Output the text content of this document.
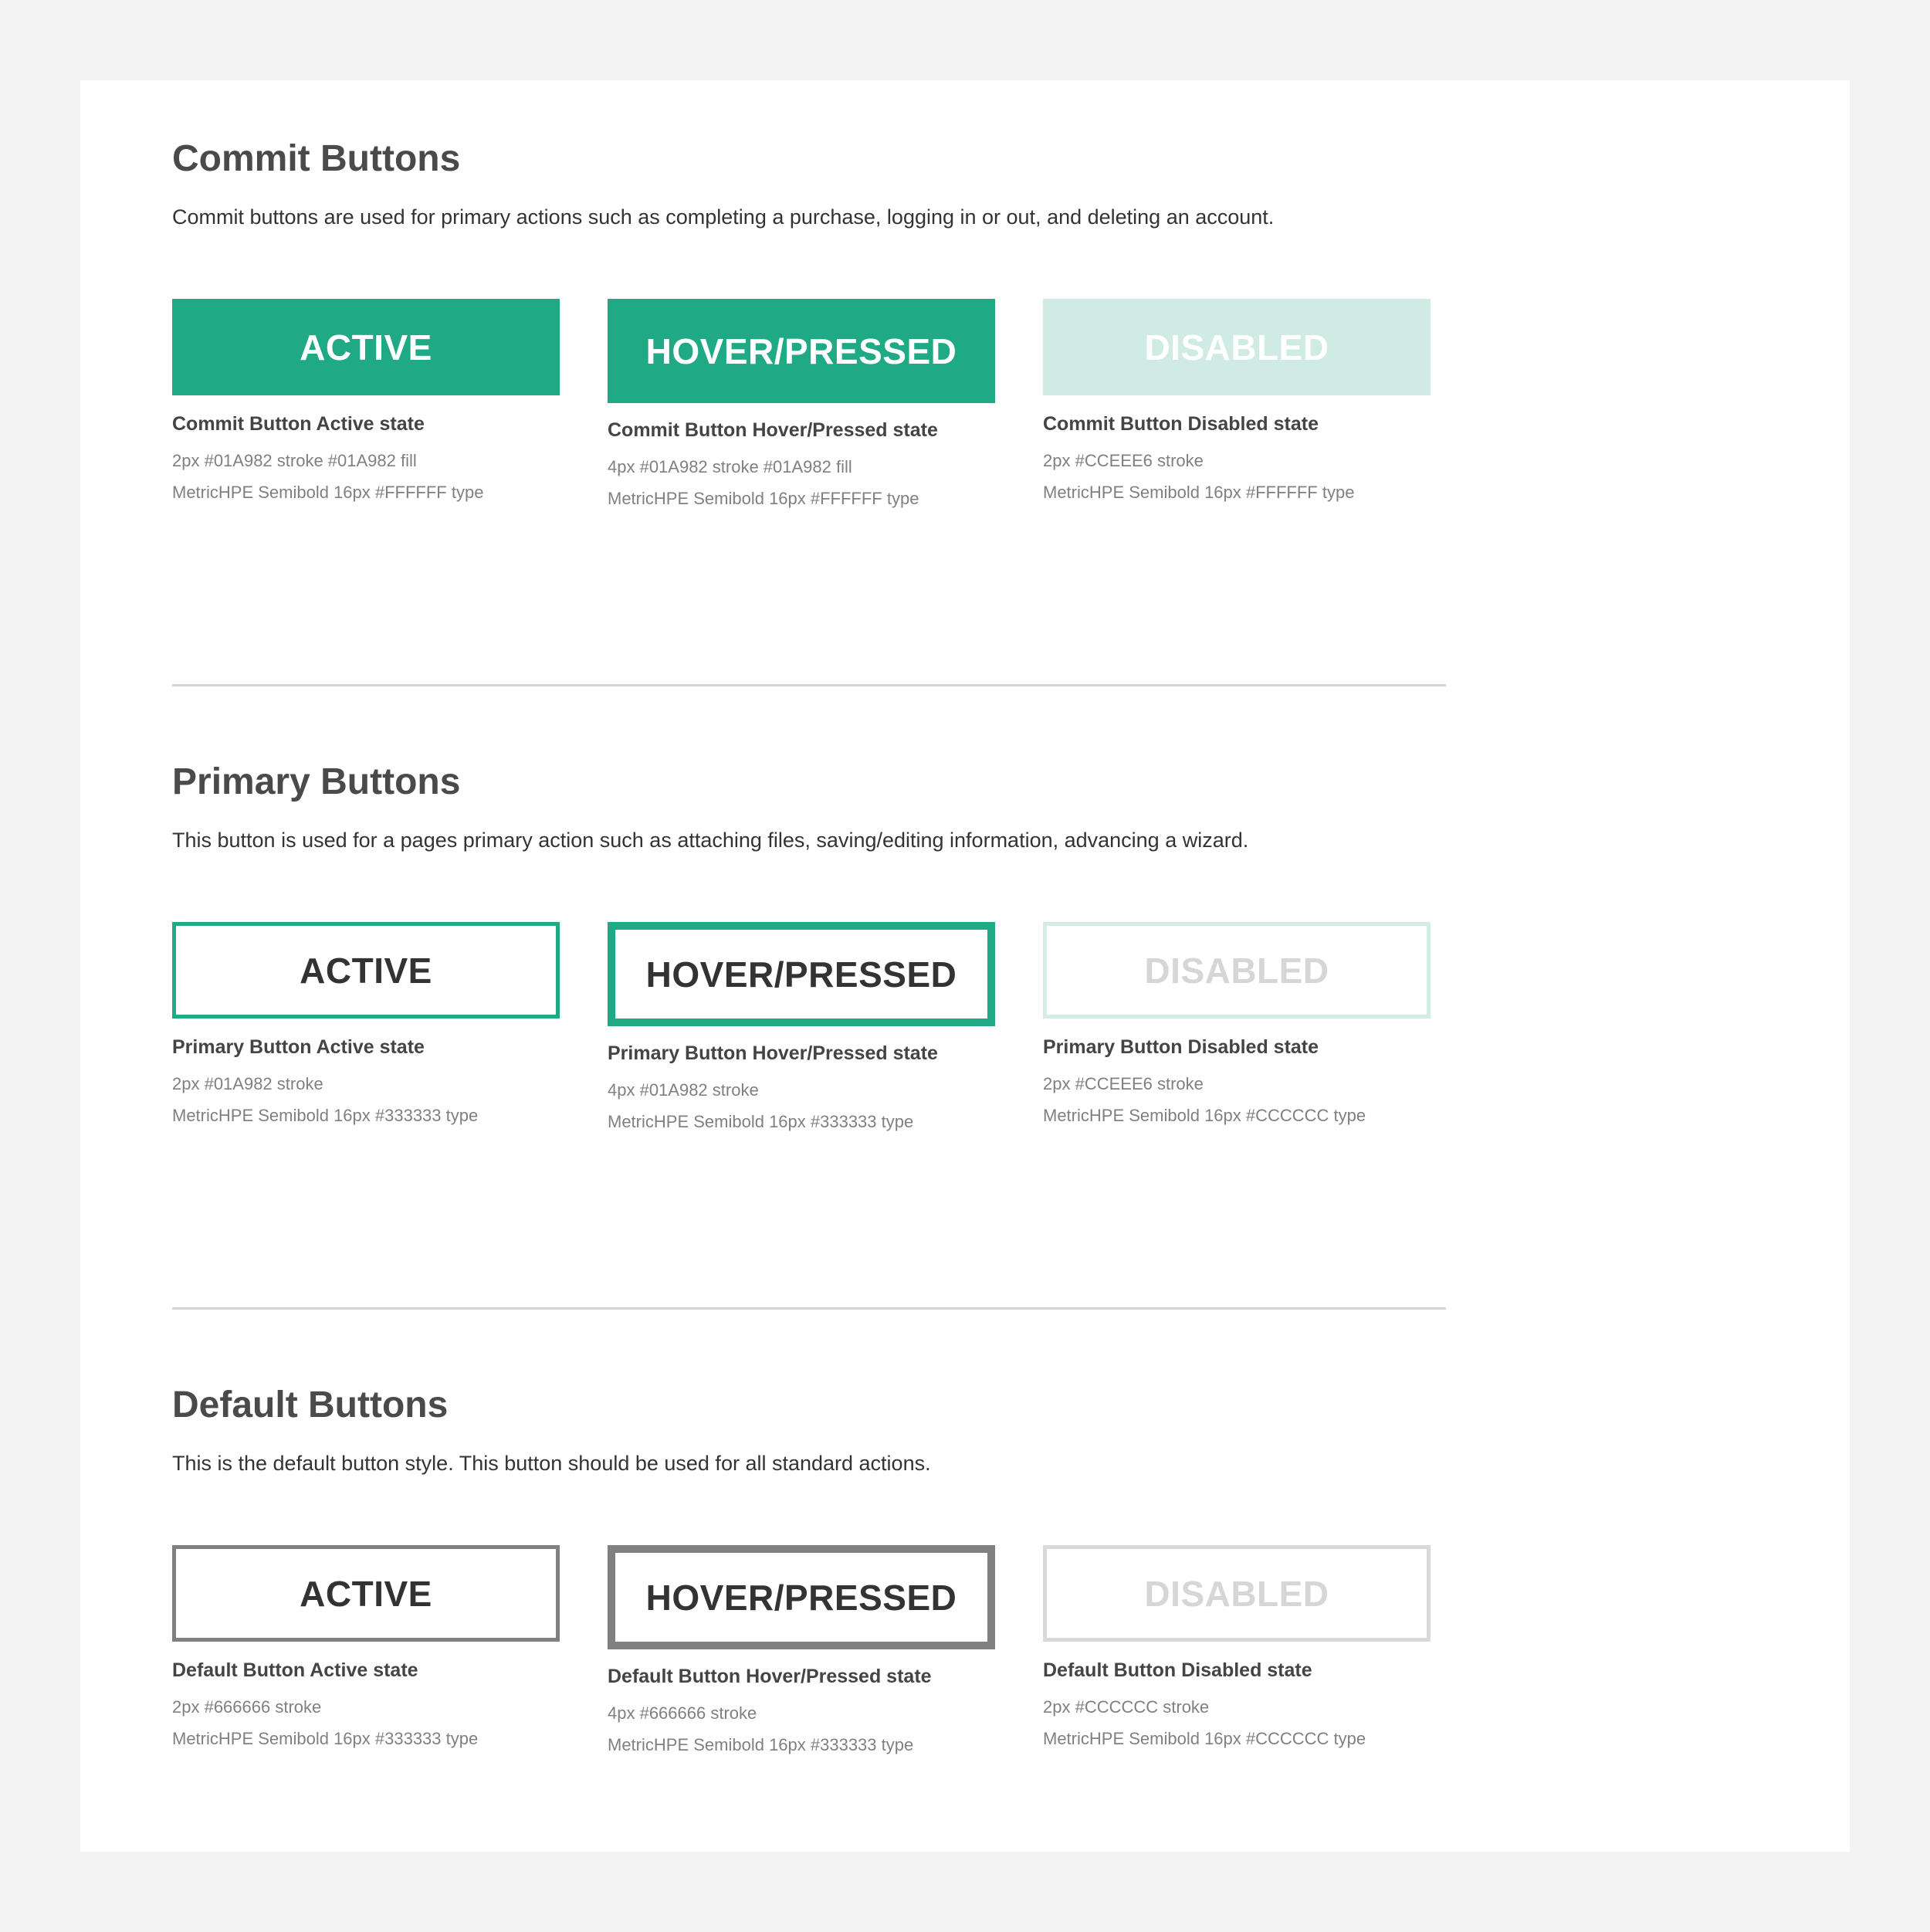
Commit Buttons

Commit buttons are used for primary actions such as completing a purchase, logging in or out, and deleting an account.

ACTIVE

Commit Button Active state

2px #01A982 stroke #01A982 fill

MetricHPE Semibold 16px #FFFFFF type

HOVER/PRESSED

Commit Button Hover/Pressed state

4px #01A982 stroke #01A982 fill

MetricHPE Semibold 16px #FFFFFF type

DISABLED

Commit Button Disabled state

2px #CCEEE6 stroke

MetricHPE Semibold 16px #FFFFFF type

Primary Buttons

This button is used for a pages primary action such as attaching files, saving/editing information, advancing a wizard.

ACTIVE

Primary Button Active state

2px #01A982 stroke

MetricHPE Semibold 16px #333333 type

HOVER/PRESSED

Primary Button Hover/Pressed state

4px #01A982 stroke

MetricHPE Semibold 16px #333333 type

DISABLED

Primary Button Disabled state

2px #CCEEE6 stroke

MetricHPE Semibold 16px #CCCCCC type

Default Buttons

This is the default button style. This button should be used for all standard actions.

ACTIVE

Default Button Active state

2px #666666 stroke

MetricHPE Semibold 16px #333333 type

HOVER/PRESSED

Default Button Hover/Pressed state

4px #666666 stroke

MetricHPE Semibold 16px #333333 type

DISABLED

Default Button Disabled state

2px #CCCCCC stroke

MetricHPE Semibold 16px #CCCCCC type
